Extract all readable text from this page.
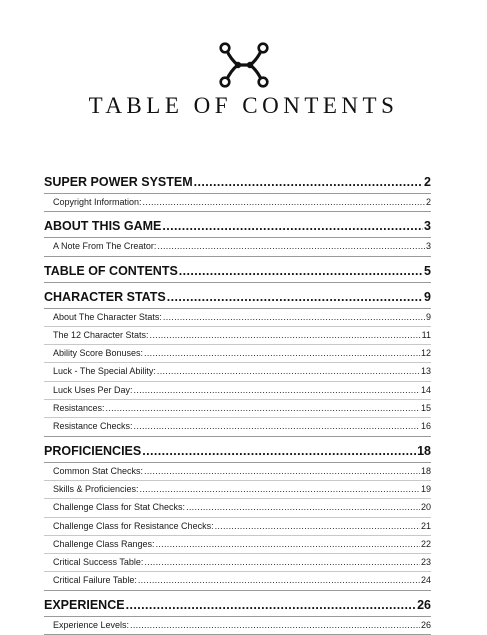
TABLE OF CONTENTS
SUPER POWER SYSTEM .....	2
Copyright Information: .....	2
ABOUT THIS GAME .....	3
A Note From The Creator: .....	3
TABLE OF CONTENTS .....	5
CHARACTER STATS .....	9
About The Character Stats: .....	9
The 12 Character Stats: .....	11
Ability Score Bonuses: .....	12
Luck - The Special Ability: .....	13
Luck Uses Per Day: .....	14
Resistances: .....	15
Resistance Checks: .....	16
PROFICIENCIES .....	18
Common Stat Checks: .....	18
Skills & Proficiencies: .....	19
Challenge Class for Stat Checks: .....	20
Challenge Class for Resistance Checks: .....	21
Challenge Class Ranges: .....	22
Critical Success Table: .....	23
Critical Failure Table: .....	24
EXPERIENCE .....	26
Experience Levels: .....	26
